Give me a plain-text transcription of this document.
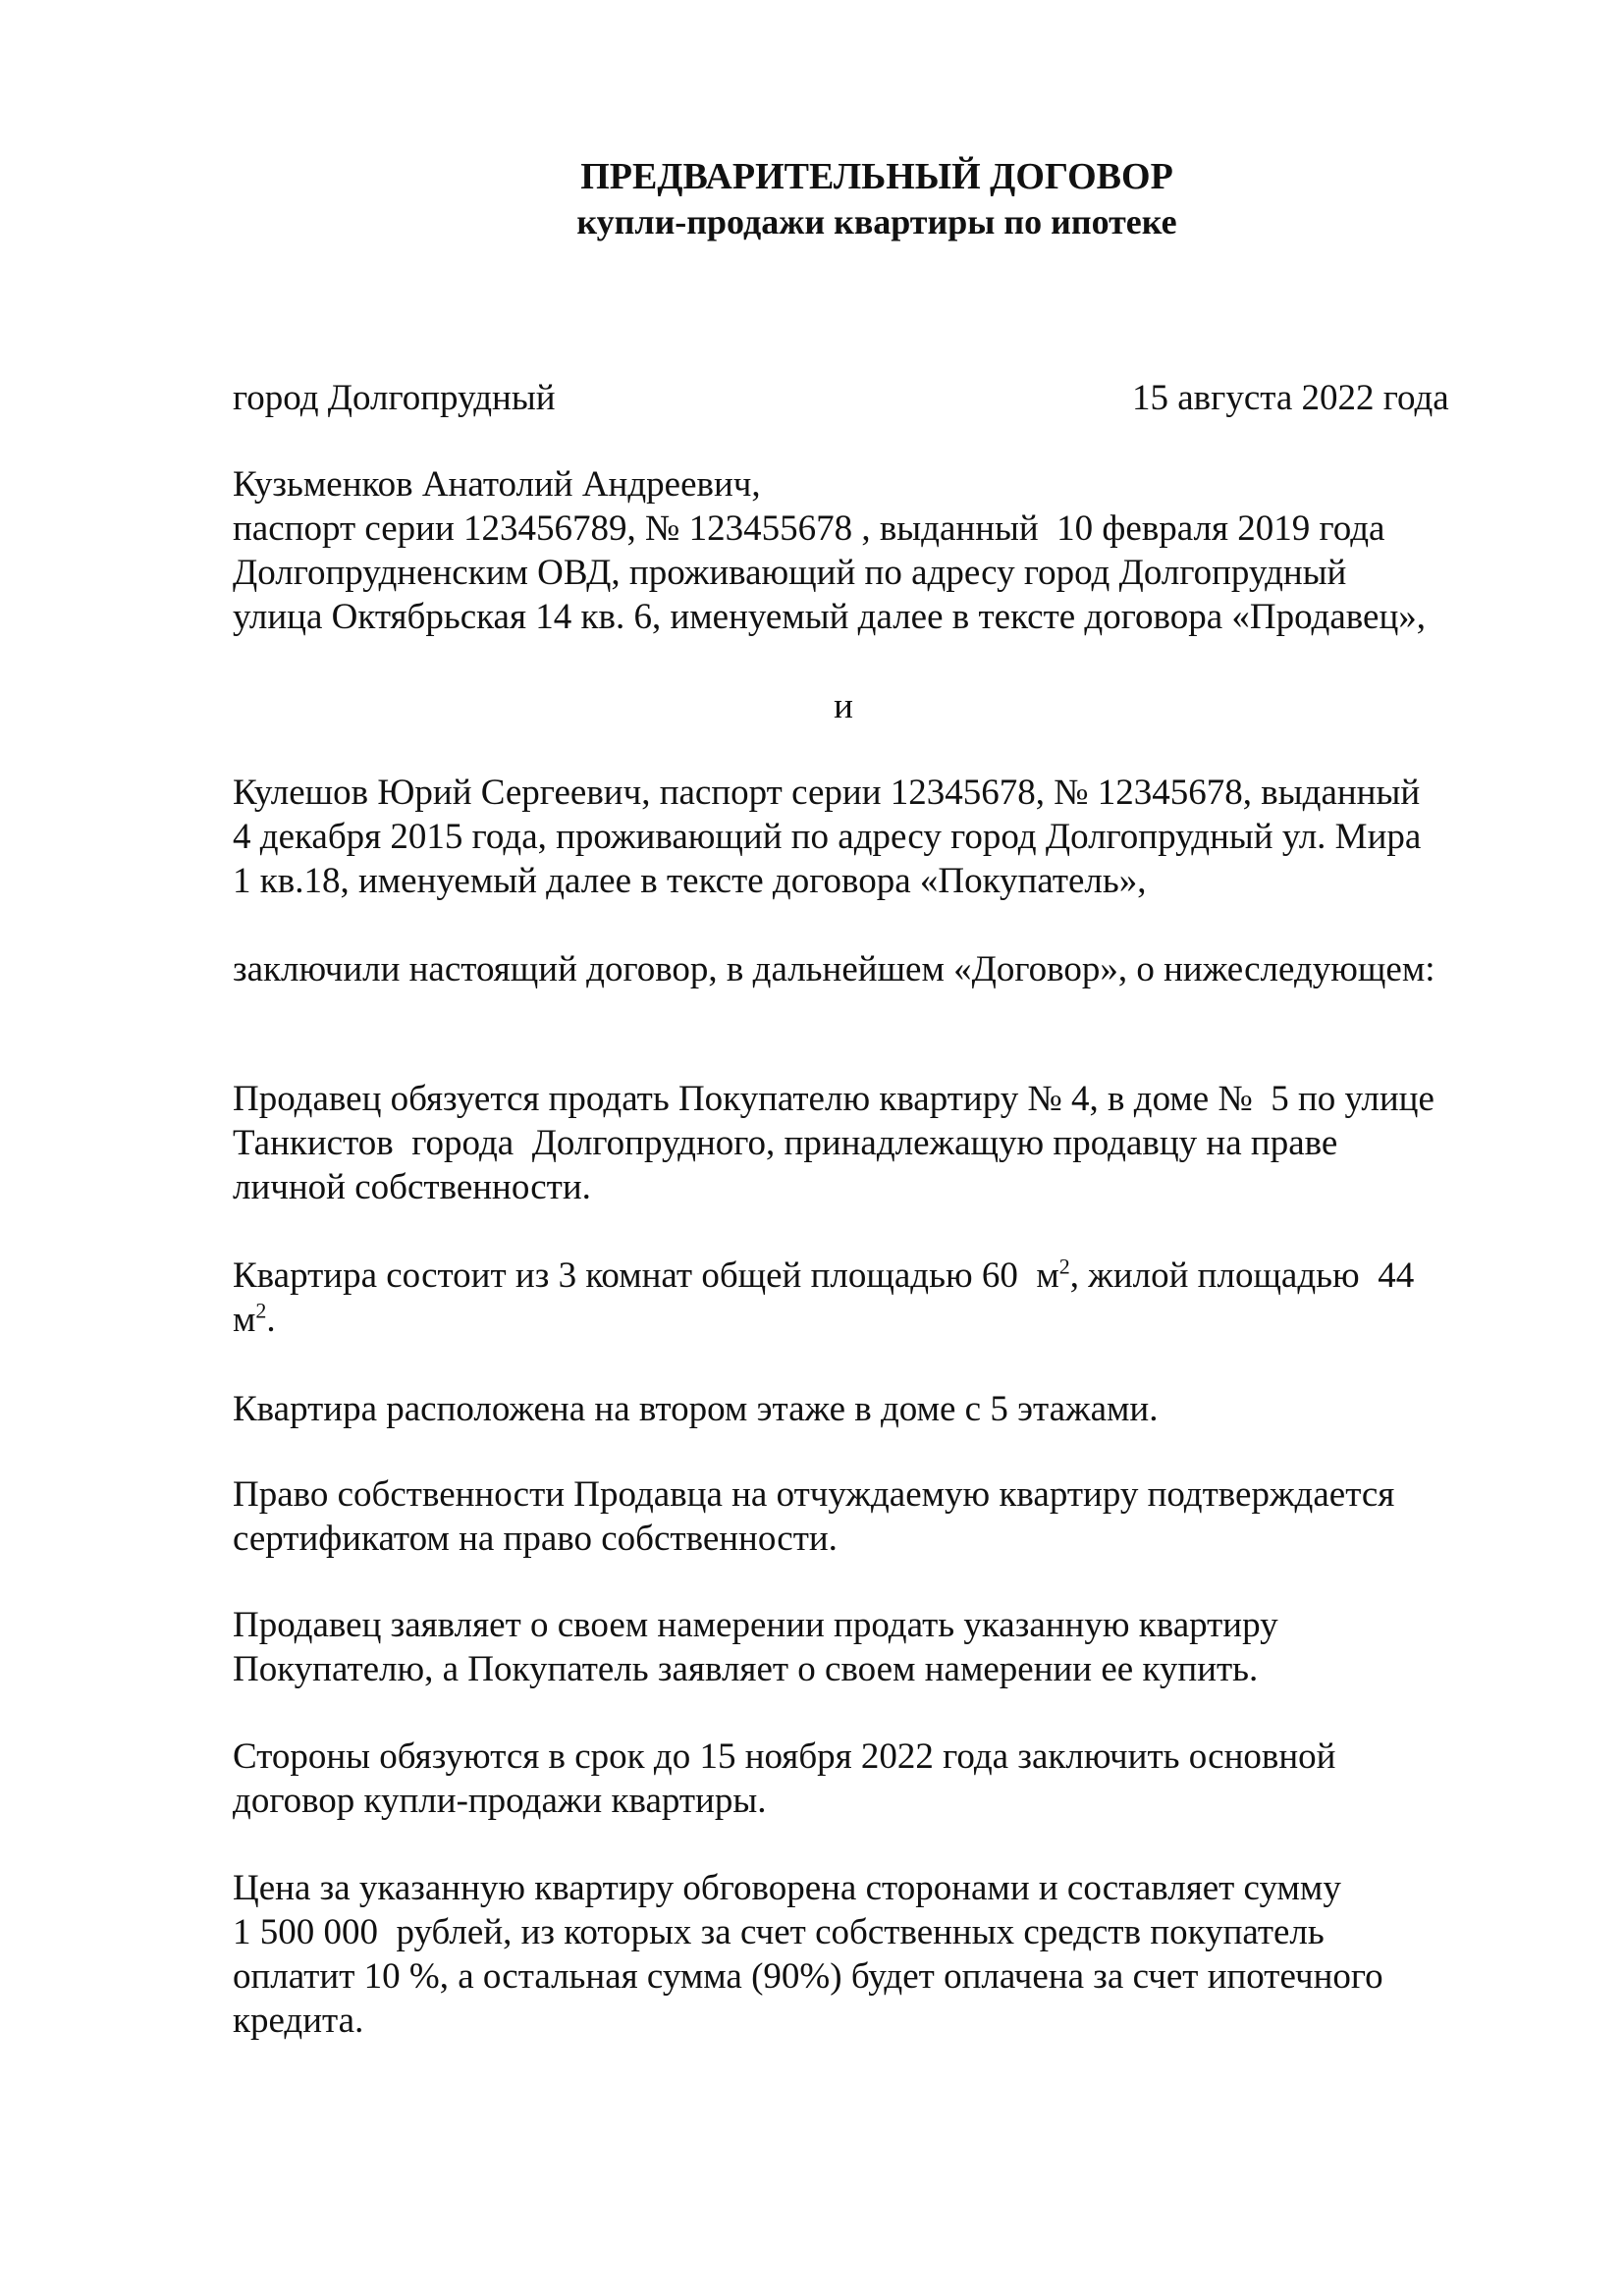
ПРЕДВАРИТЕЛЬНЫЙ ДОГОВОР
купли-продажи квартиры по ипотеке
город Долгопрудный	15 августа 2022 года
Кузьменков Анатолий Андреевич,
паспорт серии 123456789, № 123455678 , выданный  10 февраля 2019 года
Долгопрудненским ОВД, проживающий по адресу город Долгопрудный
улица Октябрьская 14 кв. 6, именуемый далее в тексте договора «Продавец»,
и
Кулешов Юрий Сергеевич, паспорт серии 12345678, № 12345678, выданный
4 декабря 2015 года, проживающий по адресу город Долгопрудный ул. Мира
1 кв.18, именуемый далее в тексте договора «Покупатель»,
заключили настоящий договор, в дальнейшем «Договор», о нижеследующем:
Продавец обязуется продать Покупателю квартиру № 4, в доме №  5 по улице
Танкистов  города  Долгопрудного, принадлежащую продавцу на праве
личной собственности.
Квартира состоит из 3 комнат общей площадью 60  $м^2$, жилой площадью  44
$м^2$.
Квартира расположена на втором этаже в доме с 5 этажами.
Право собственности Продавца на отчуждаемую квартиру подтверждается
сертификатом на право собственности.
Продавец заявляет о своем намерении продать указанную квартиру
Покупателю, а Покупатель заявляет о своем намерении ее купить.
Стороны обязуются в срок до 15 ноября 2022 года заключить основной
договор купли-продажи квартиры.
Цена за указанную квартиру обговорена сторонами и составляет сумму
1 500 000  рублей, из которых за счет собственных средств покупатель
оплатит 10 %, а остальная сумма (90%) будет оплачена за счет ипотечного
кредита.
